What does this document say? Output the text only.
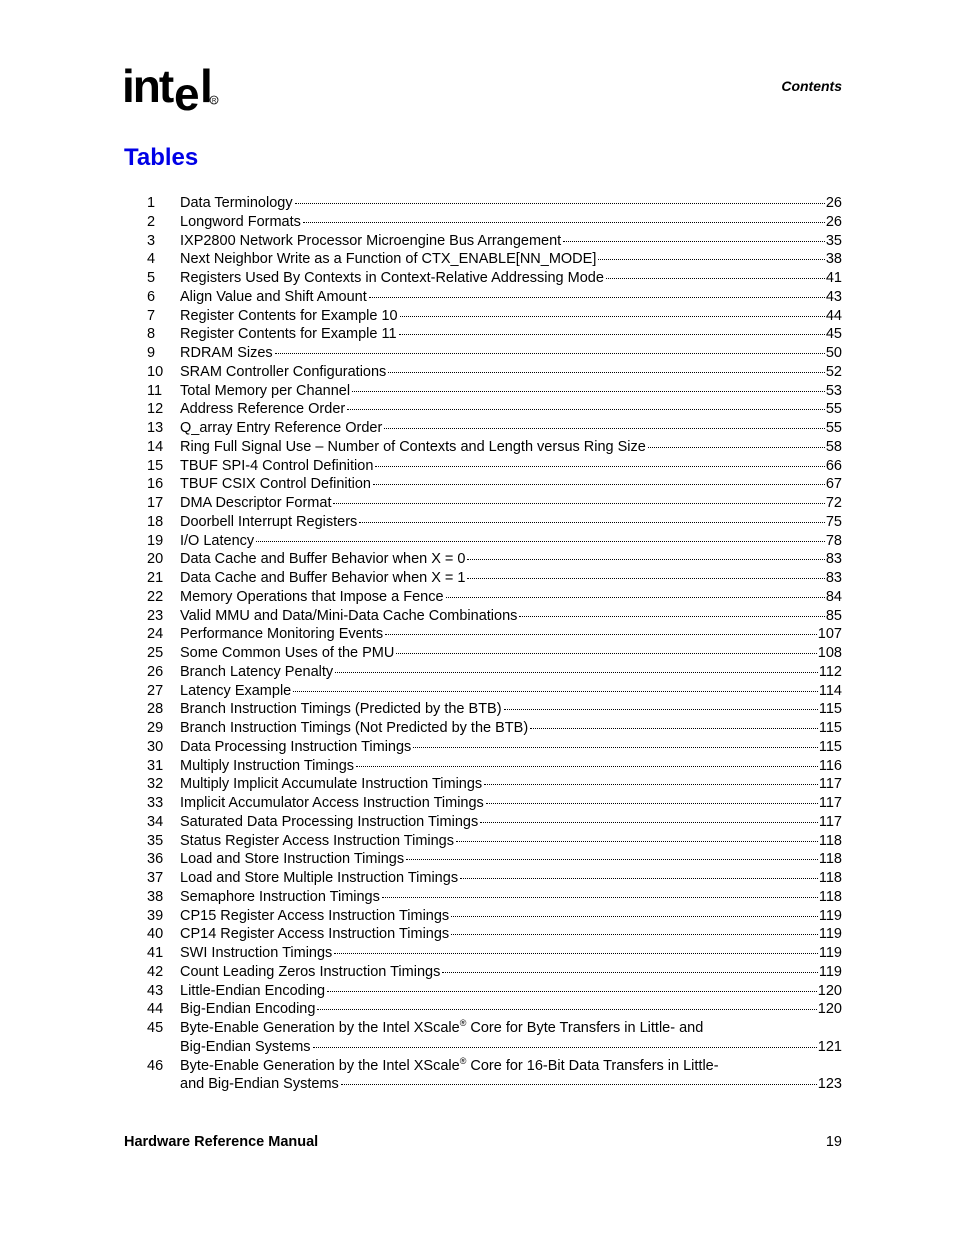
int e l R
Contents
Tables
1	Data Terminology	26
2	Longword Formats	26
3	IXP2800 Network Processor Microengine Bus Arrangement	35
4	Next Neighbor Write as a Function of CTX_ENABLE[NN_MODE]	38
5	Registers Used By Contexts in Context-Relative Addressing Mode	41
6	Align Value and Shift Amount	43
7	Register Contents for Example 10	44
8	Register Contents for Example 11	45
9	RDRAM Sizes	50
10	SRAM Controller Configurations	52
11	Total Memory per Channel	53
12	Address Reference Order	55
13	Q_array Entry Reference Order	55
14	Ring Full Signal Use – Number of Contexts and Length versus Ring Size	58
15	TBUF SPI-4 Control Definition	66
16	TBUF CSIX Control Definition	67
17	DMA Descriptor Format	72
18	Doorbell Interrupt Registers	75
19	I/O Latency	78
20	Data Cache and Buffer Behavior when X = 0	83
21	Data Cache and Buffer Behavior when X = 1	83
22	Memory Operations that Impose a Fence	84
23	Valid MMU and Data/Mini-Data Cache Combinations	85
24	Performance Monitoring Events	107
25	Some Common Uses of the PMU	108
26	Branch Latency Penalty	112
27	Latency Example	114
28	Branch Instruction Timings (Predicted by the BTB)	115
29	Branch Instruction Timings (Not Predicted by the BTB)	115
30	Data Processing Instruction Timings	115
31	Multiply Instruction Timings	116
32	Multiply Implicit Accumulate Instruction Timings	117
33	Implicit Accumulator Access Instruction Timings	117
34	Saturated Data Processing Instruction Timings	117
35	Status Register Access Instruction Timings	118
36	Load and Store Instruction Timings	118
37	Load and Store Multiple Instruction Timings	118
38	Semaphore Instruction Timings	118
39	CP15 Register Access Instruction Timings	119
40	CP14 Register Access Instruction Timings	119
41	SWI Instruction Timings	119
42	Count Leading Zeros Instruction Timings	119
43	Little-Endian Encoding	120
44	Big-Endian Encoding	120
45	Byte-Enable Generation by the Intel XScale® Core for Byte Transfers in Little- and
Big-Endian Systems	121
46	Byte-Enable Generation by the Intel XScale® Core for 16-Bit Data Transfers in Little-
and Big-Endian Systems	123
Hardware Reference Manual	19
